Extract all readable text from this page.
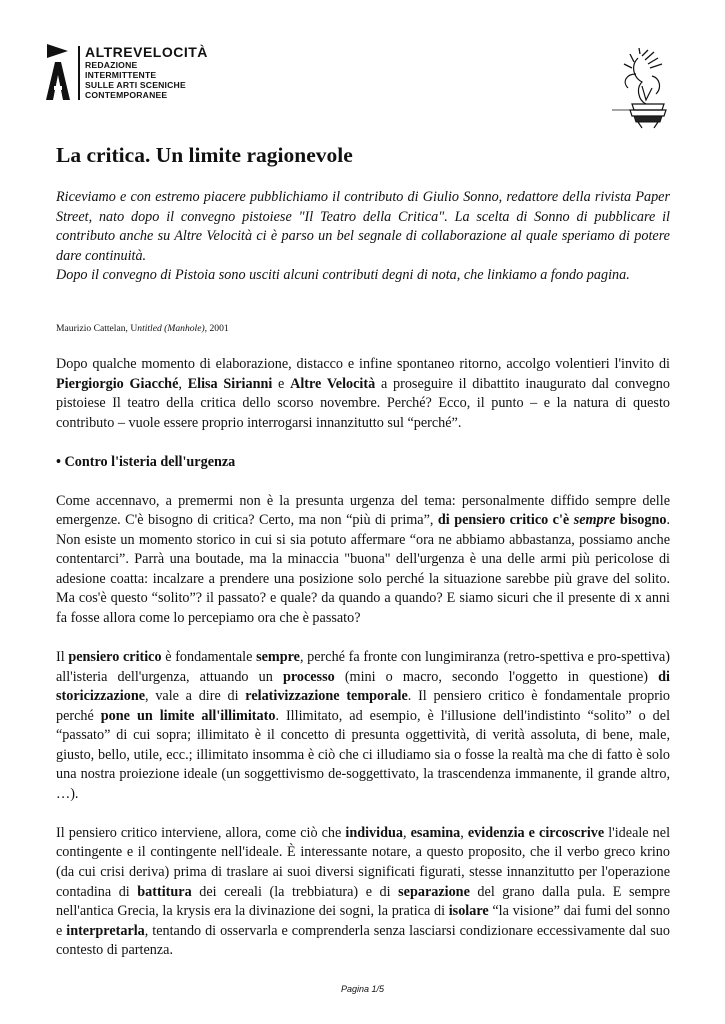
ALTREVELOCITÀ
REDAZIONE
INTERMITTENTE
SULLE ARTI SCENICHE
CONTEMPORANEE
La critica. Un limite ragionevole

Riceviamo e con estremo piacere pubblichiamo il contributo di Giulio Sonno, redattore della rivista Paper Street, nato dopo il convegno pistoiese "Il Teatro della Critica". La scelta di Sonno di pubblicare il contributo anche su Altre Velocità ci è parso un bel segnale di collaborazione al quale speriamo di potere dare continuità.

Dopo il convegno di Pistoia sono usciti alcuni contributi degni di nota, che linkiamo a fondo pagina.

Maurizio Cattelan, Untitled (Manhole), 2001

Dopo qualche momento di elaborazione, distacco e infine spontaneo ritorno, accolgo volentieri l'invito di Piergiorgio Giacché, Elisa Sirianni e Altre Velocità a proseguire il dibattito inaugurato dal convegno pistoiese Il teatro della critica dello scorso novembre. Perché? Ecco, il punto – e la natura di questo contributo – vuole essere proprio interrogarsi innanzitutto sul “perché”.

• Contro l'isteria dell'urgenza

Come accennavo, a premermi non è la presunta urgenza del tema: personalmente diffido sempre delle emergenze. C'è bisogno di critica? Certo, ma non “più di prima”, di pensiero critico c'è sempre bisogno. Non esiste un momento storico in cui si sia potuto affermare “ora ne abbiamo abbastanza, possiamo anche contentarci”. Parrà una boutade, ma la minaccia "buona" dell'urgenza è una delle armi più pericolose di adesione coatta: incalzare a prendere una posizione solo perché la situazione sarebbe più grave del solito. Ma cos'è questo “solito”? il passato? e quale? da quando a quando? E siamo sicuri che il presente di x anni fa fosse allora come lo percepiamo ora che è passato?

Il pensiero critico è fondamentale sempre, perché fa fronte con lungimiranza (retro-spettiva e pro-spettiva) all'isteria dell'urgenza, attuando un processo (mini o macro, secondo l'oggetto in questione) di storicizzazione, vale a dire di relativizzazione temporale. Il pensiero critico è fondamentale proprio perché pone un limite all'illimitato. Illimitato, ad esempio, è l'illusione dell'indistinto “solito” o del “passato” di cui sopra; illimitato è il concetto di presunta oggettività, di verità assoluta, di bene, male, giusto, bello, utile, ecc.; illimitato insomma è ciò che ci illudiamo sia o fosse la realtà ma che di fatto è solo una nostra proiezione ideale (un soggettivismo de-soggettivato, la trascendenza immanente, il grande altro, …).

Il pensiero critico interviene, allora, come ciò che individua, esamina, evidenzia e circoscrive l'ideale nel contingente e il contingente nell'ideale. È interessante notare, a questo proposito, che il verbo greco krino (da cui crisi deriva) prima di traslare ai suoi diversi significati figurati, stesse innanzitutto per l'operazione contadina di battitura dei cereali (la trebbiatura) e di separazione del grano dalla pula. E sempre nell'antica Grecia, la krysis era la divinazione dei sogni, la pratica di isolare “la visione” dai fumi del sonno e interpretarla, tentando di osservarla e comprenderla senza lasciarsi condizionare eccessivamente dal suo contesto di partenza.

Pagina 1/5
